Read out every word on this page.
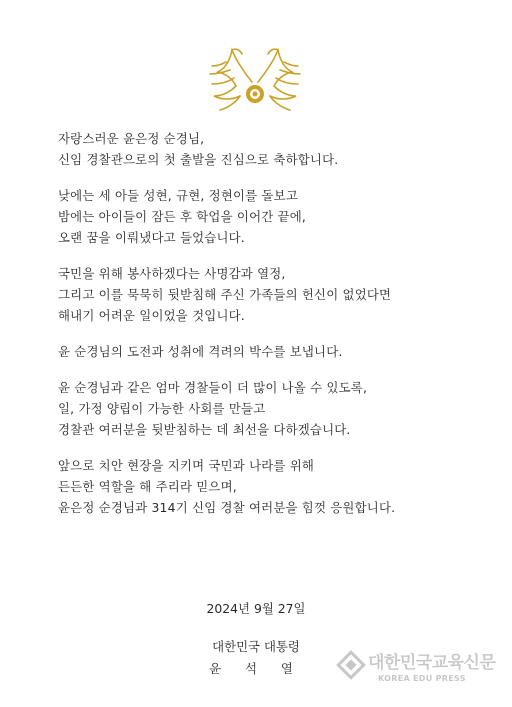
자랑스러운 윤은정 순경님,
신임 경찰관으로의 첫 출발을 진심으로 축하합니다.

낮에는 세 아들 성현, 규현, 정현이를 돌보고
밤에는 아이들이 잠든 후 학업을 이어간 끝에,
오랜 꿈을 이뤄냈다고 들었습니다.

국민을 위해 봉사하겠다는 사명감과 열정,
그리고 이를 묵묵히 뒷받침해 주신 가족들의 헌신이 없었다면
해내기 어려운 일이었을 것입니다.

윤 순경님의 도전과 성취에 격려의 박수를 보냅니다.

윤 순경님과 같은 엄마 경찰들이 더 많이 나올 수 있도록,
일, 가정 양립이 가능한 사회를 만들고
경찰관 여러분을 뒷받침하는 데 최선을 다하겠습니다.

앞으로 치안 현장을 지키며 국민과 나라를 위해
든든한 역할을 해 주리라 믿으며,
윤은정 순경님과 314기 신임 경찰 여러분을 힘껏 응원합니다.

2024년 9월 27일
대한민국 대통령
윤 석 열	대한민국교육신문
KOREA EDU PRESS
